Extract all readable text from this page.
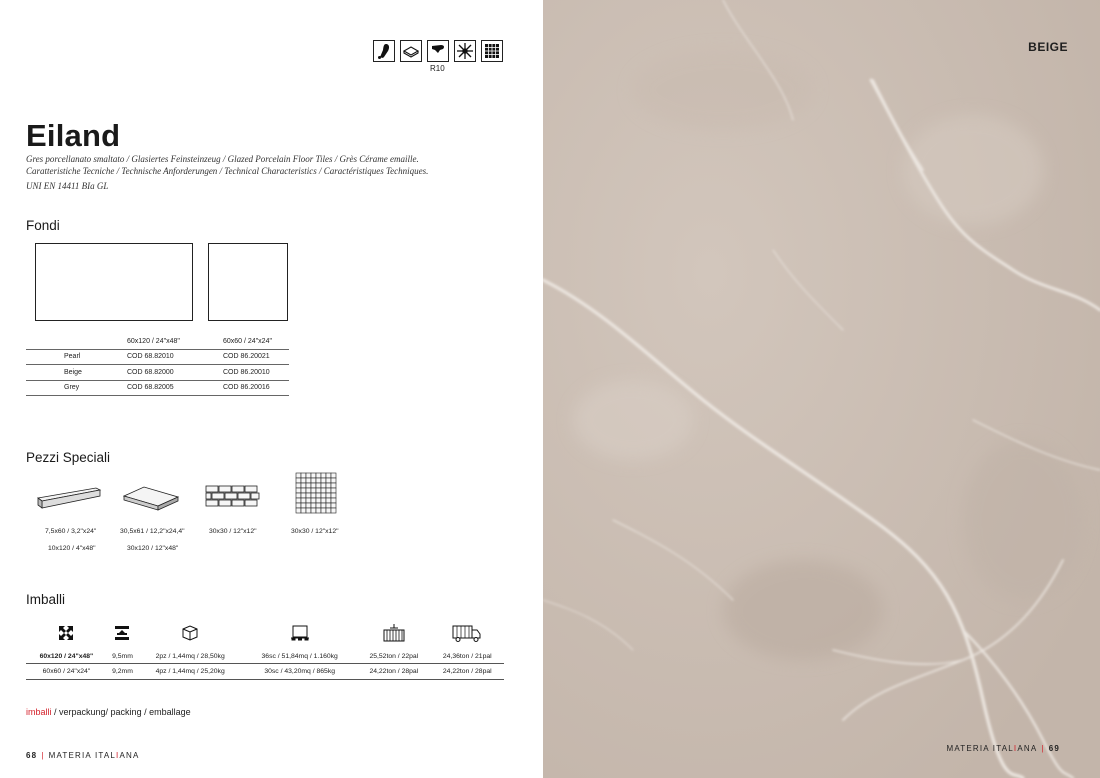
R10
Eiland
Gres porcellanato smaltato / Glasiertes Feinsteinzeug / Glazed Porcelain Floor Tiles / Grès Cérame emaille.
Caratteristiche Tecniche / Technische Anforderungen / Technical Characteristics / Caractéristiques Techniques.
UNI EN 14411 BIa GL
Fondi
	60x120 / 24"x48"	60x60 / 24"x24"
Pearl	COD 68.82010	COD 86.20021
Beige	COD 68.82000	COD 86.20010
Grey	COD 68.82005	COD 86.20016
Pezzi Speciali
7,5x60 / 3,2"x24"
10x120 / 4"x48"
30,5x61 / 12,2"x24,4"
30x120 / 12"x48"
30x30 / 12"x12"	30x30 / 12"x12"
Imballi

60x120 / 24"x48"	9,5mm	2pz / 1,44mq / 28,50kg	36sc / 51,84mq / 1.160kg	25,52ton / 22pal	24,36ton / 21pal
60x60 / 24"x24"	9,2mm	4pz / 1,44mq / 25,20kg	30sc / 43,20mq / 865kg	24,22ton / 28pal	24,22ton / 28pal
imballi / verpackung/ packing / emballage
68 | MATERIA ITALIANA
BEIGE
MATERIA ITALIANA | 69
